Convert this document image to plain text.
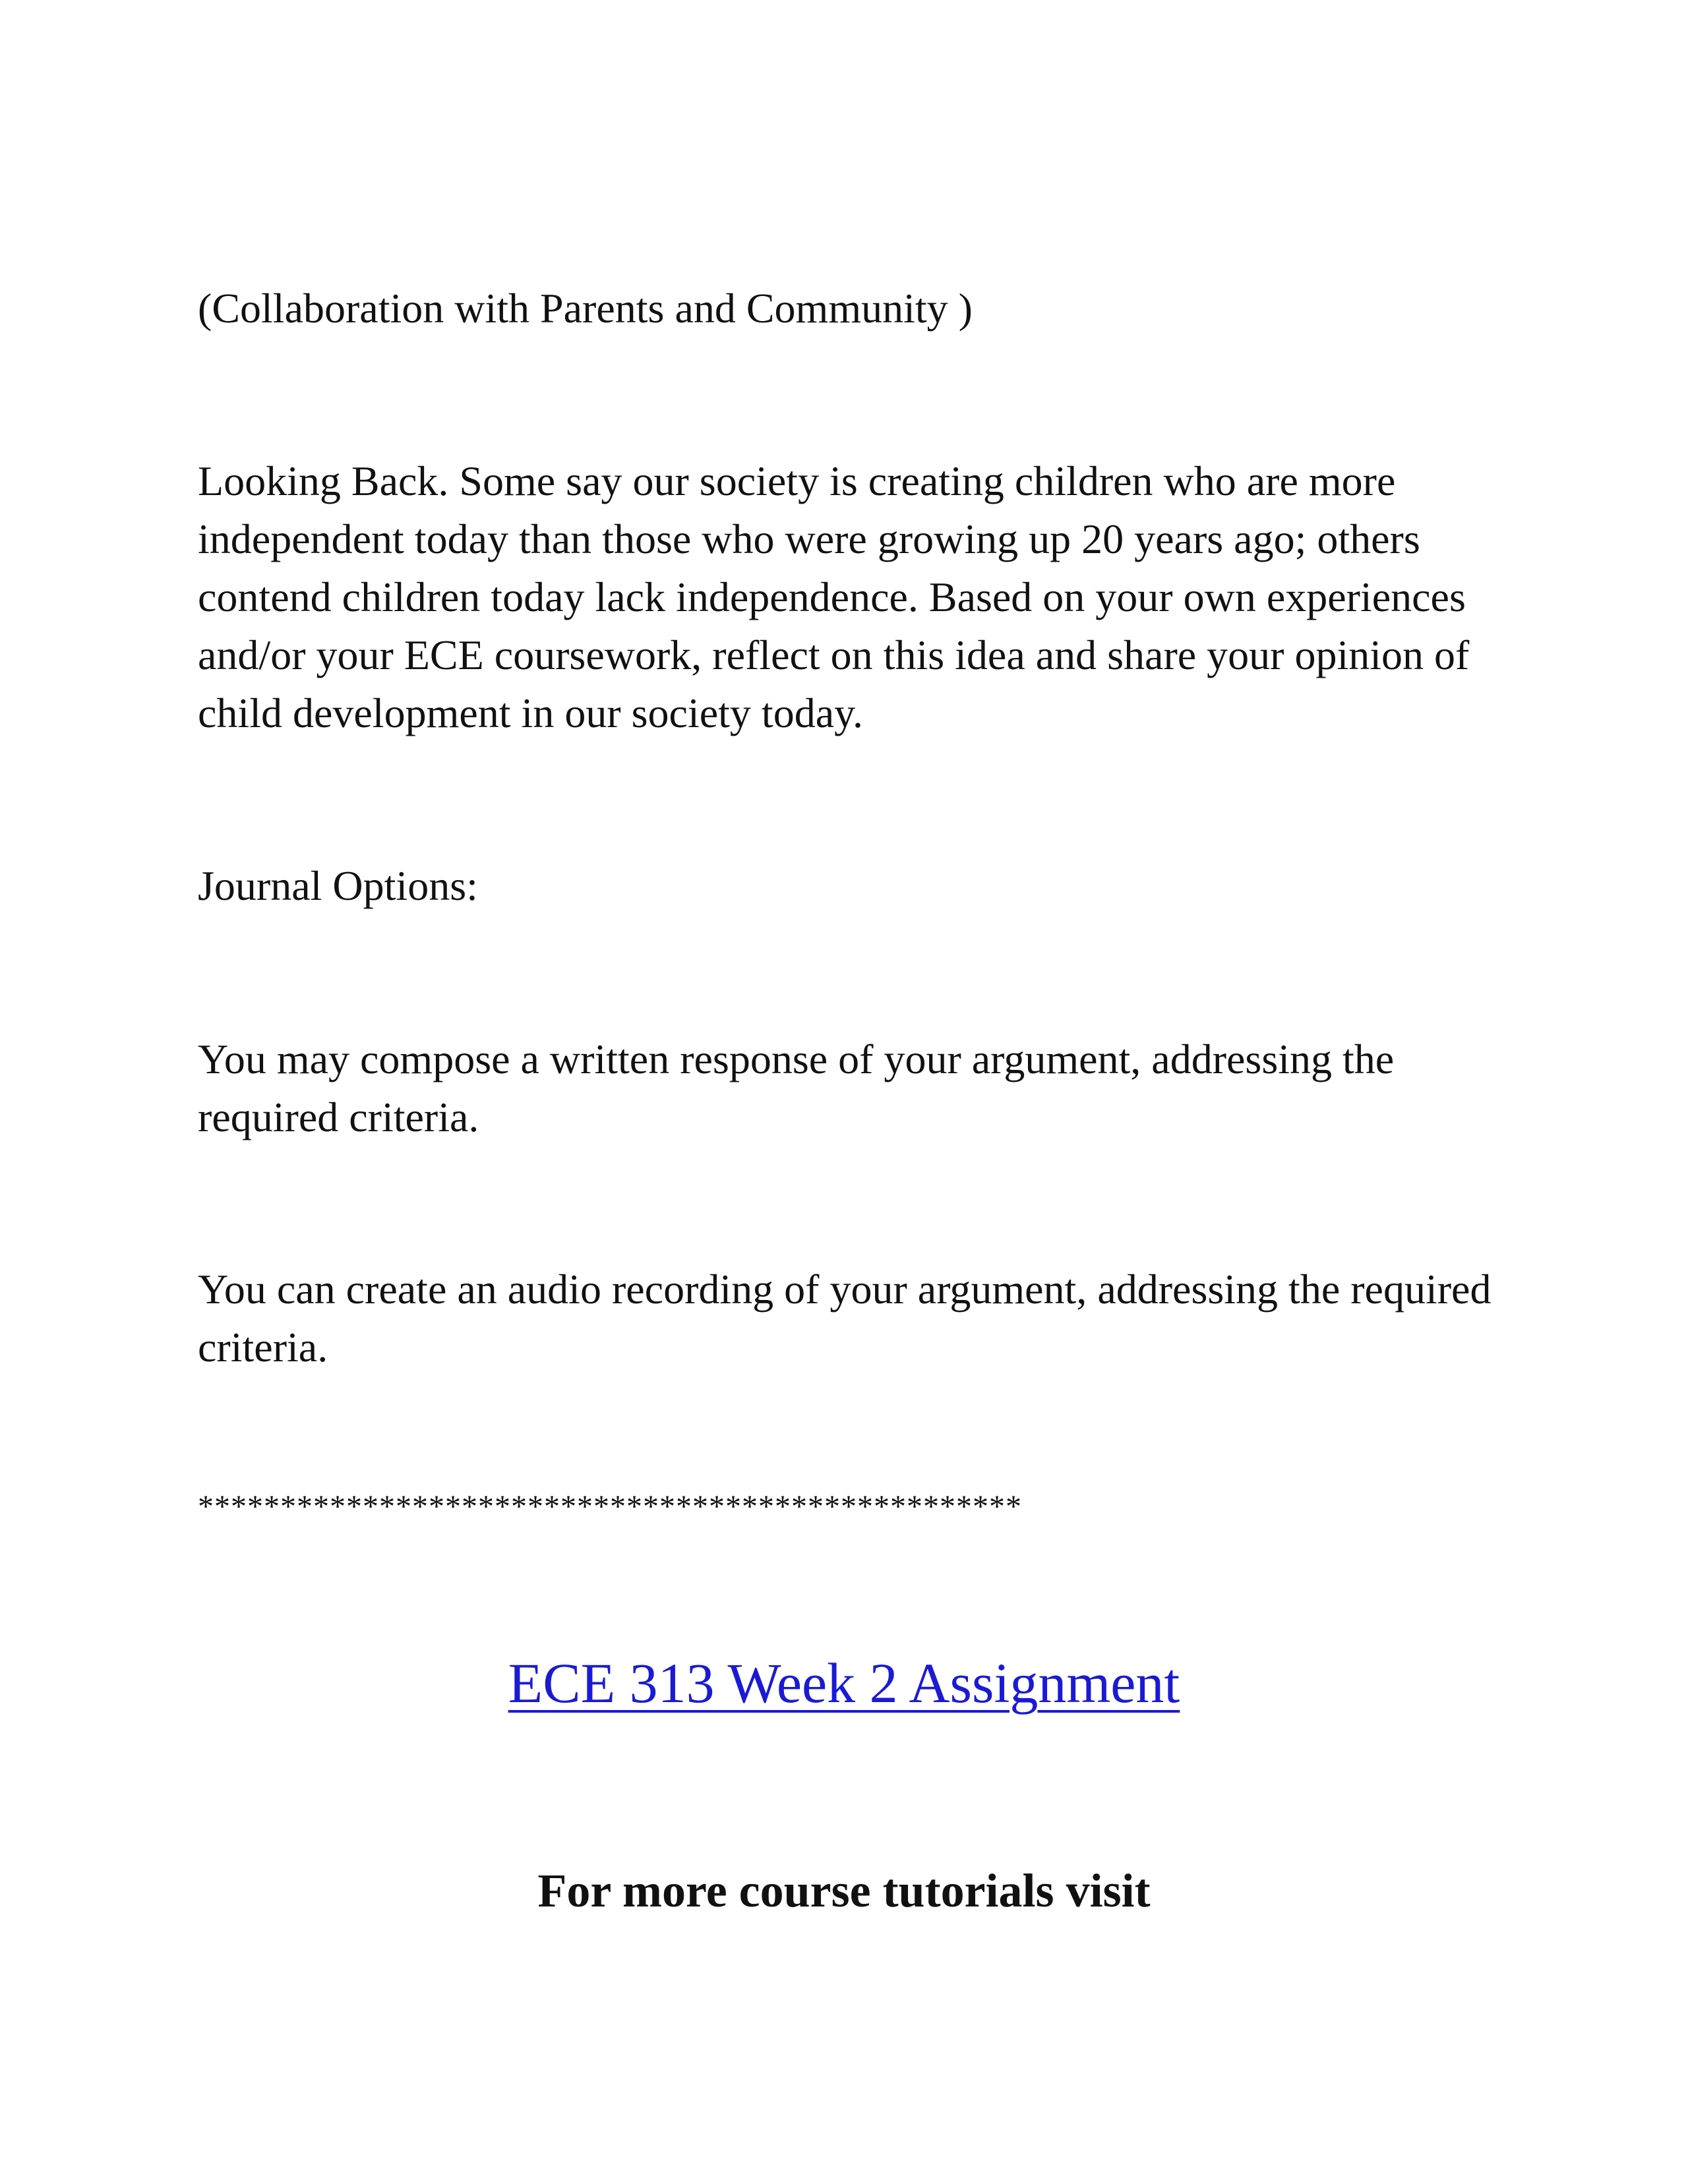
(Collaboration with Parents and Community )

Looking Back. Some say our society is creating children who are more independent today than those who were growing up 20 years ago; others contend children today lack independence. Based on your own experiences and/or your ECE coursework, reflect on this idea and share your opinion of child development in our society today.

Journal Options:

You may compose a written response of your argument, addressing the required criteria.

You can create an audio recording of your argument, addressing the required criteria.

**************************************************

ECE 313 Week 2 Assignment
For more course tutorials visit
